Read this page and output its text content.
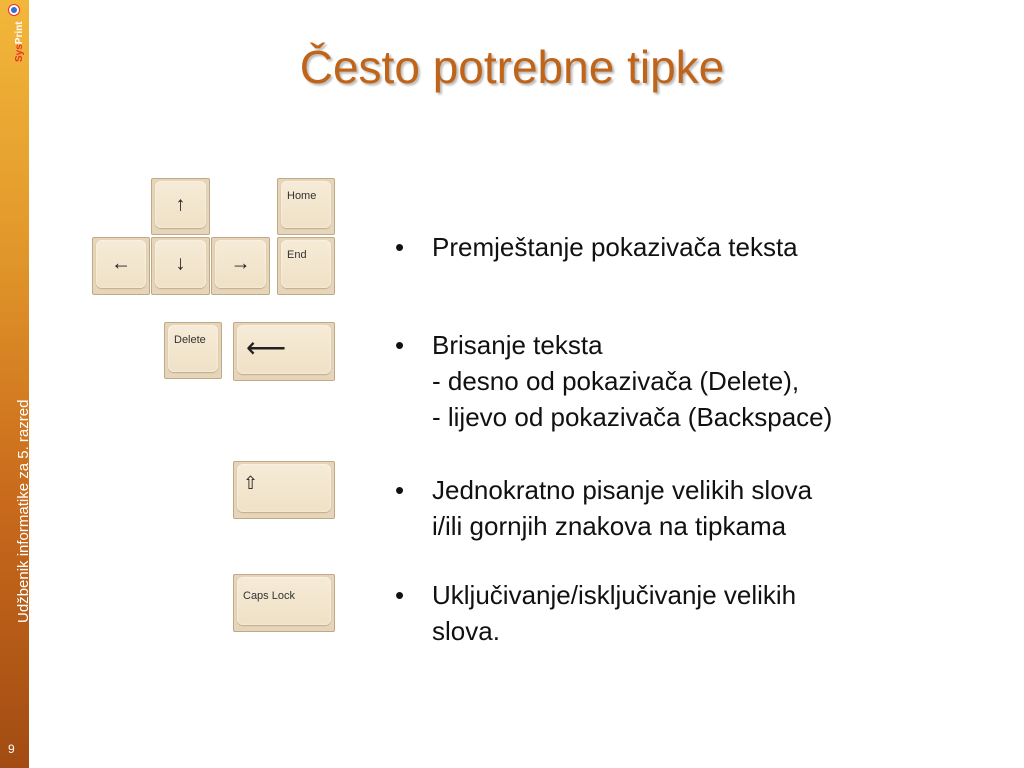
SysPrint
Udžbenik informatike za 5. razred
9
Često potrebne tipke
↑	Home
←	↓	→	End
Delete ⟵
⇧
Caps Lock
• Premještanje pokazivača teksta
• Brisanje teksta
- desno od pokazivača (Delete),
- lijevo od pokazivača (Backspace)
• Jednokratno pisanje velikih slova
i/ili gornjih znakova na tipkama
• Uključivanje/isključivanje velikih
slova.
